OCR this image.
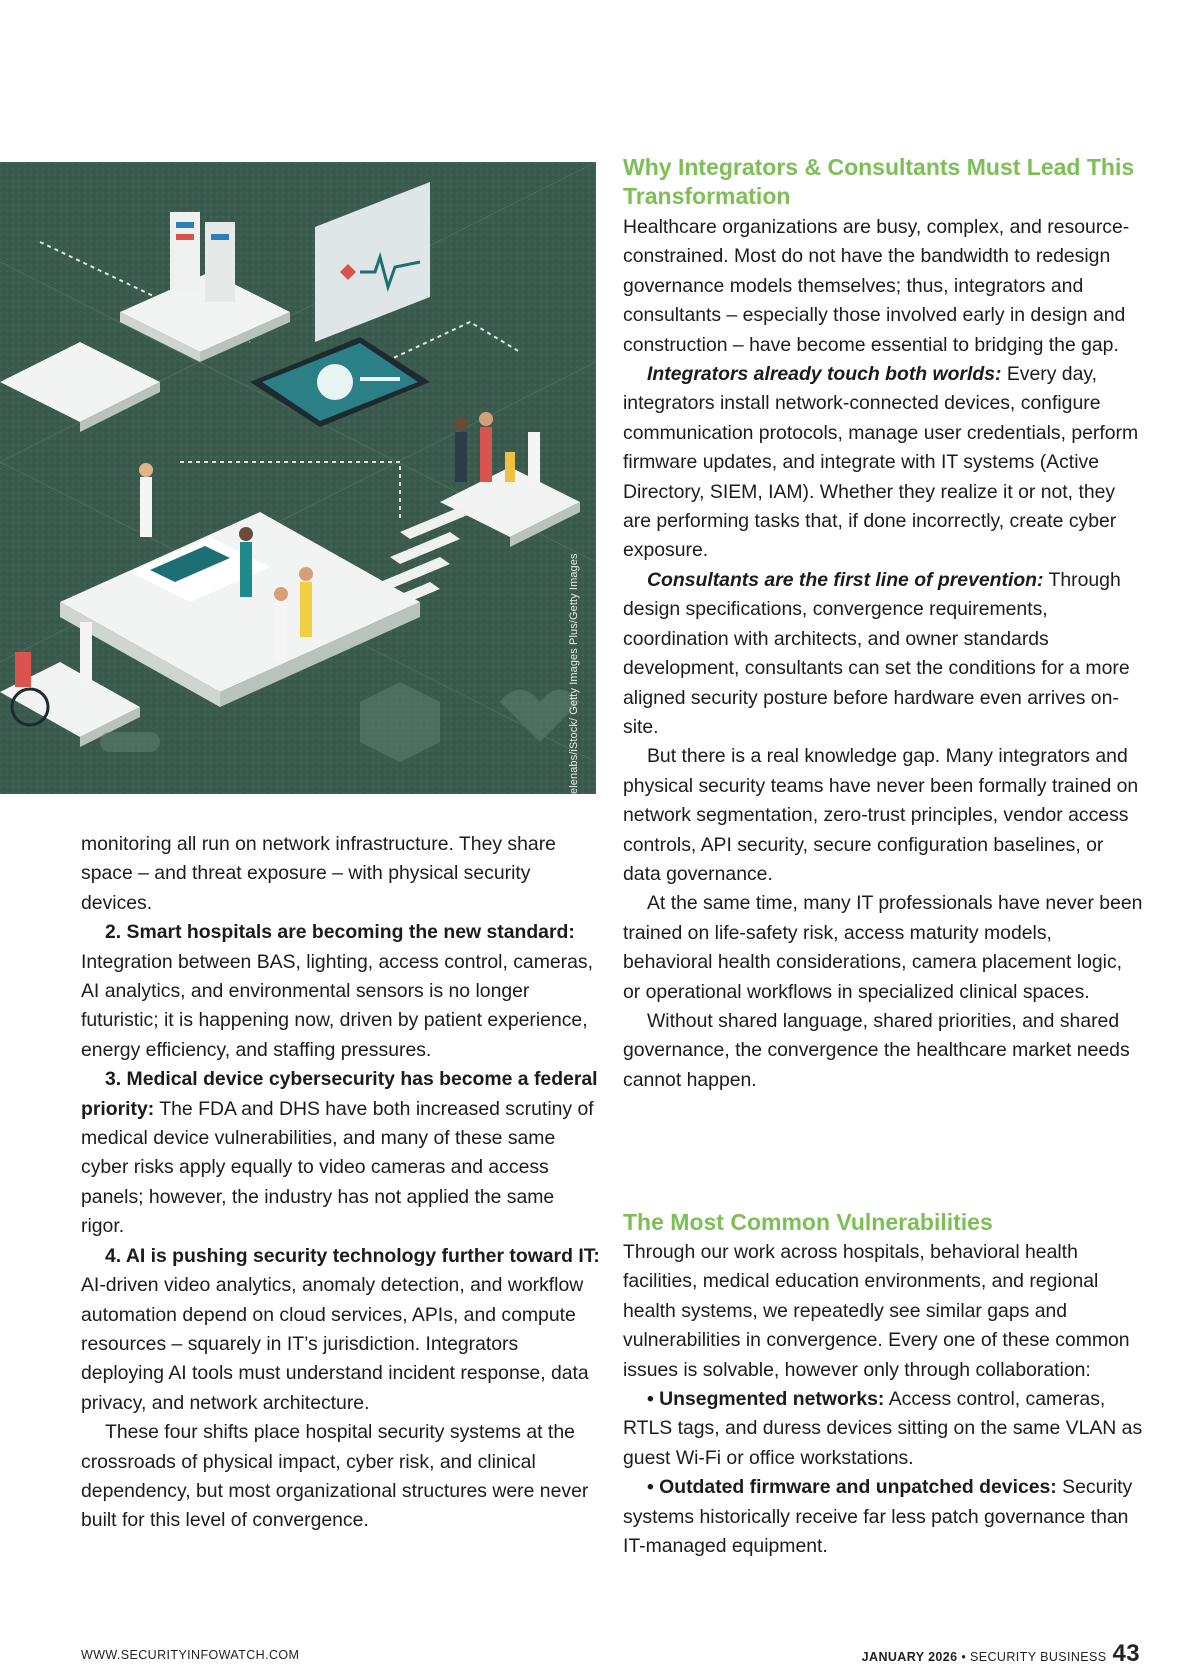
elenabs/iStock/ Getty Images Plus/Getty Images

monitoring all run on network infrastructure. They share space – and threat exposure – with physical security devices.

2. Smart hospitals are becoming the new standard: Integration between BAS, lighting, access control, cameras, AI analytics, and environmental sensors is no longer futuristic; it is happening now, driven by patient experience, energy efficiency, and staffing pressures.

3. Medical device cybersecurity has become a federal priority: The FDA and DHS have both increased scrutiny of medical device vulnerabilities, and many of these same cyber risks apply equally to video cameras and access panels; however, the industry has not applied the same rigor.

4. AI is pushing security technology further toward IT: AI-driven video analytics, anomaly detection, and workflow automation depend on cloud services, APIs, and compute resources – squarely in IT’s jurisdiction. Integrators deploying AI tools must understand incident response, data privacy, and network architecture.

These four shifts place hospital security systems at the crossroads of physical impact, cyber risk, and clinical dependency, but most organizational structures were never built for this level of convergence.

Why Integrators & Consultants Must Lead This Transformation

Healthcare organizations are busy, complex, and resource-constrained. Most do not have the bandwidth to redesign governance models themselves; thus, integrators and consultants – especially those involved early in design and construction – have become essential to bridging the gap.

Integrators already touch both worlds: Every day, integrators install network-connected devices, configure communication protocols, manage user credentials, perform firmware updates, and integrate with IT systems (Active Directory, SIEM, IAM). Whether they realize it or not, they are performing tasks that, if done incorrectly, create cyber exposure.

Consultants are the first line of prevention: Through design specifications, convergence requirements, coordination with architects, and owner standards development, consultants can set the conditions for a more aligned security posture before hardware even arrives on-site.

But there is a real knowledge gap. Many integrators and physical security teams have never been formally trained on network segmentation, zero-trust principles, vendor access controls, API security, secure configuration baselines, or data governance.

At the same time, many IT professionals have never been trained on life-safety risk, access maturity models, behavioral health considerations, camera placement logic, or operational workflows in specialized clinical spaces.

Without shared language, shared priorities, and shared governance, the convergence the healthcare market needs cannot happen.

The Most Common Vulnerabilities

Through our work across hospitals, behavioral health facilities, medical education environments, and regional health systems, we repeatedly see similar gaps and vulnerabilities in convergence. Every one of these common issues is solvable, however only through collaboration:

• Unsegmented networks: Access control, cameras, RTLS tags, and duress devices sitting on the same VLAN as guest Wi-Fi or office workstations.

• Outdated firmware and unpatched devices: Security systems historically receive far less patch governance than IT-managed equipment.

WWW.SECURITYINFOWATCH.COM	JANUARY 2026 • SECURITY BUSINESS 43
